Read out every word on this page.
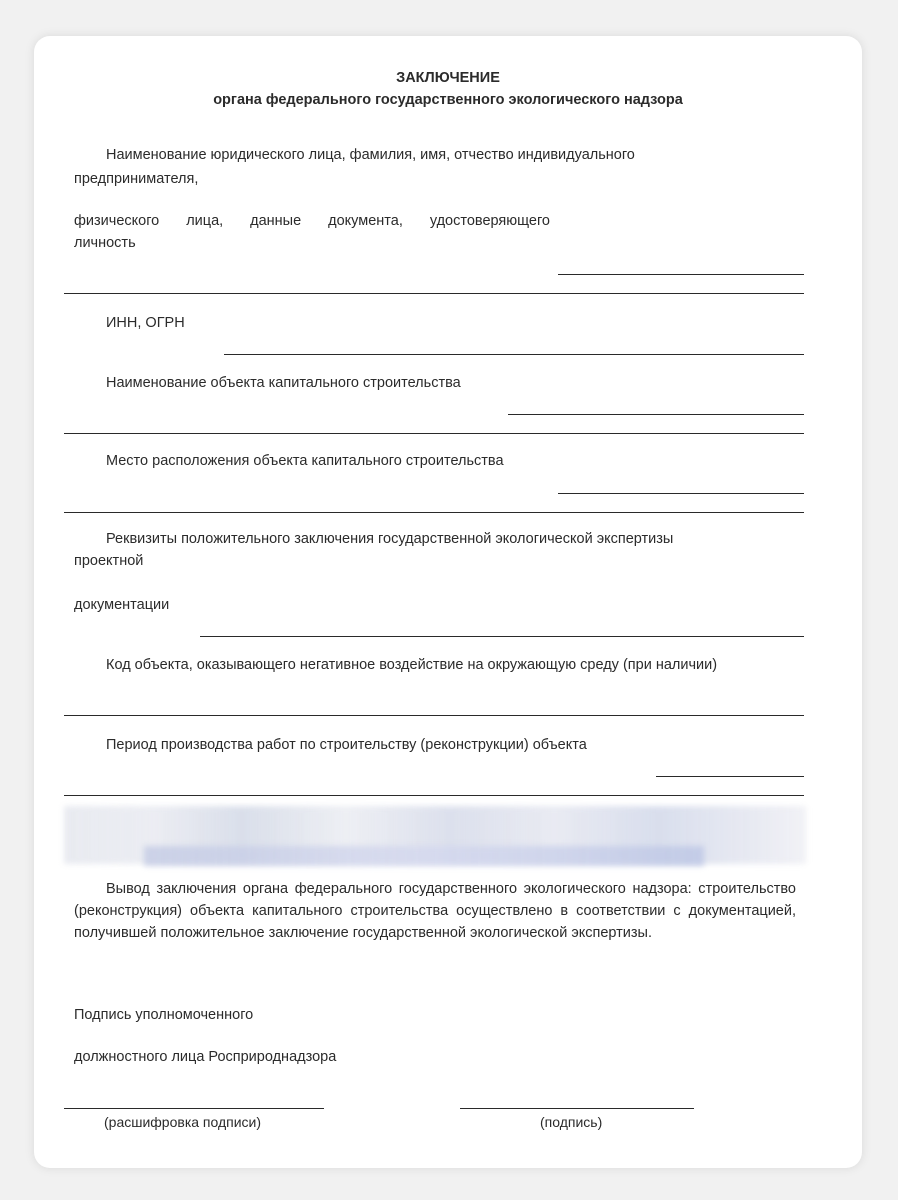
ЗАКЛЮЧЕНИЕ
органа федерального государственного экологического надзора
Наименование юридического лица, фамилия, имя, отчество индивидуального
предпринимателя,
физического лица, данные документа, удостоверяющего
личность
ИНН, ОГРН
Наименование объекта капитального строительства
Место расположения объекта капитального строительства
Реквизиты положительного заключения государственной экологической экспертизы
проектной
документации
Код объекта, оказывающего негативное воздействие на окружающую среду (при наличии)
Период производства работ по строительству (реконструкции) объекта
Вывод заключения органа федерального государственного экологического надзора: строительство (реконструкция) объекта капитального строительства осуществлено в соответствии с документацией, получившей положительное заключение государственной экологической экспертизы.
Подпись уполномоченного
должностного лица Росприроднадзора
(расшифровка подписи)	(подпись)
